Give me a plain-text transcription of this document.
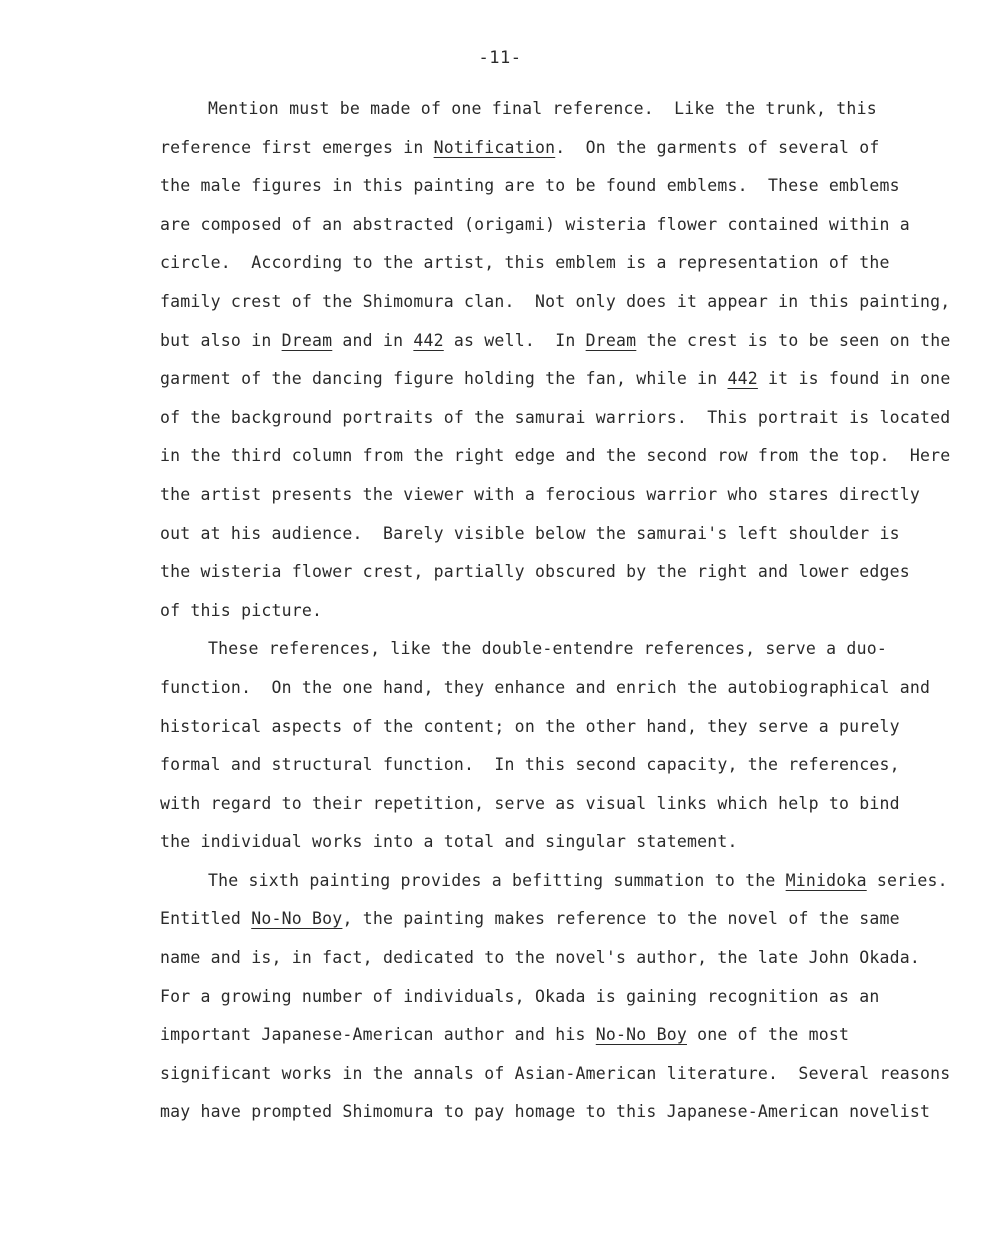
-11-
Mention must be made of one final reference.  Like the trunk, this
reference first emerges in Notification.  On the garments of several of
the male figures in this painting are to be found emblems.  These emblems
are composed of an abstracted (origami) wisteria flower contained within a
circle.  According to the artist, this emblem is a representation of the
family crest of the Shimomura clan.  Not only does it appear in this painting,
but also in Dream and in 442 as well.  In Dream the crest is to be seen on the
garment of the dancing figure holding the fan, while in 442 it is found in one
of the background portraits of the samurai warriors.  This portrait is located
in the third column from the right edge and the second row from the top.  Here
the artist presents the viewer with a ferocious warrior who stares directly
out at his audience.  Barely visible below the samurai's left shoulder is
the wisteria flower crest, partially obscured by the right and lower edges
of this picture.
These references, like the double-entendre references, serve a duo-
function.  On the one hand, they enhance and enrich the autobiographical and
historical aspects of the content; on the other hand, they serve a purely
formal and structural function.  In this second capacity, the references,
with regard to their repetition, serve as visual links which help to bind
the individual works into a total and singular statement.
The sixth painting provides a befitting summation to the Minidoka series.
Entitled No-No Boy, the painting makes reference to the novel of the same
name and is, in fact, dedicated to the novel's author, the late John Okada.
For a growing number of individuals, Okada is gaining recognition as an
important Japanese-American author and his No-No Boy one of the most
significant works in the annals of Asian-American literature.  Several reasons
may have prompted Shimomura to pay homage to this Japanese-American novelist
